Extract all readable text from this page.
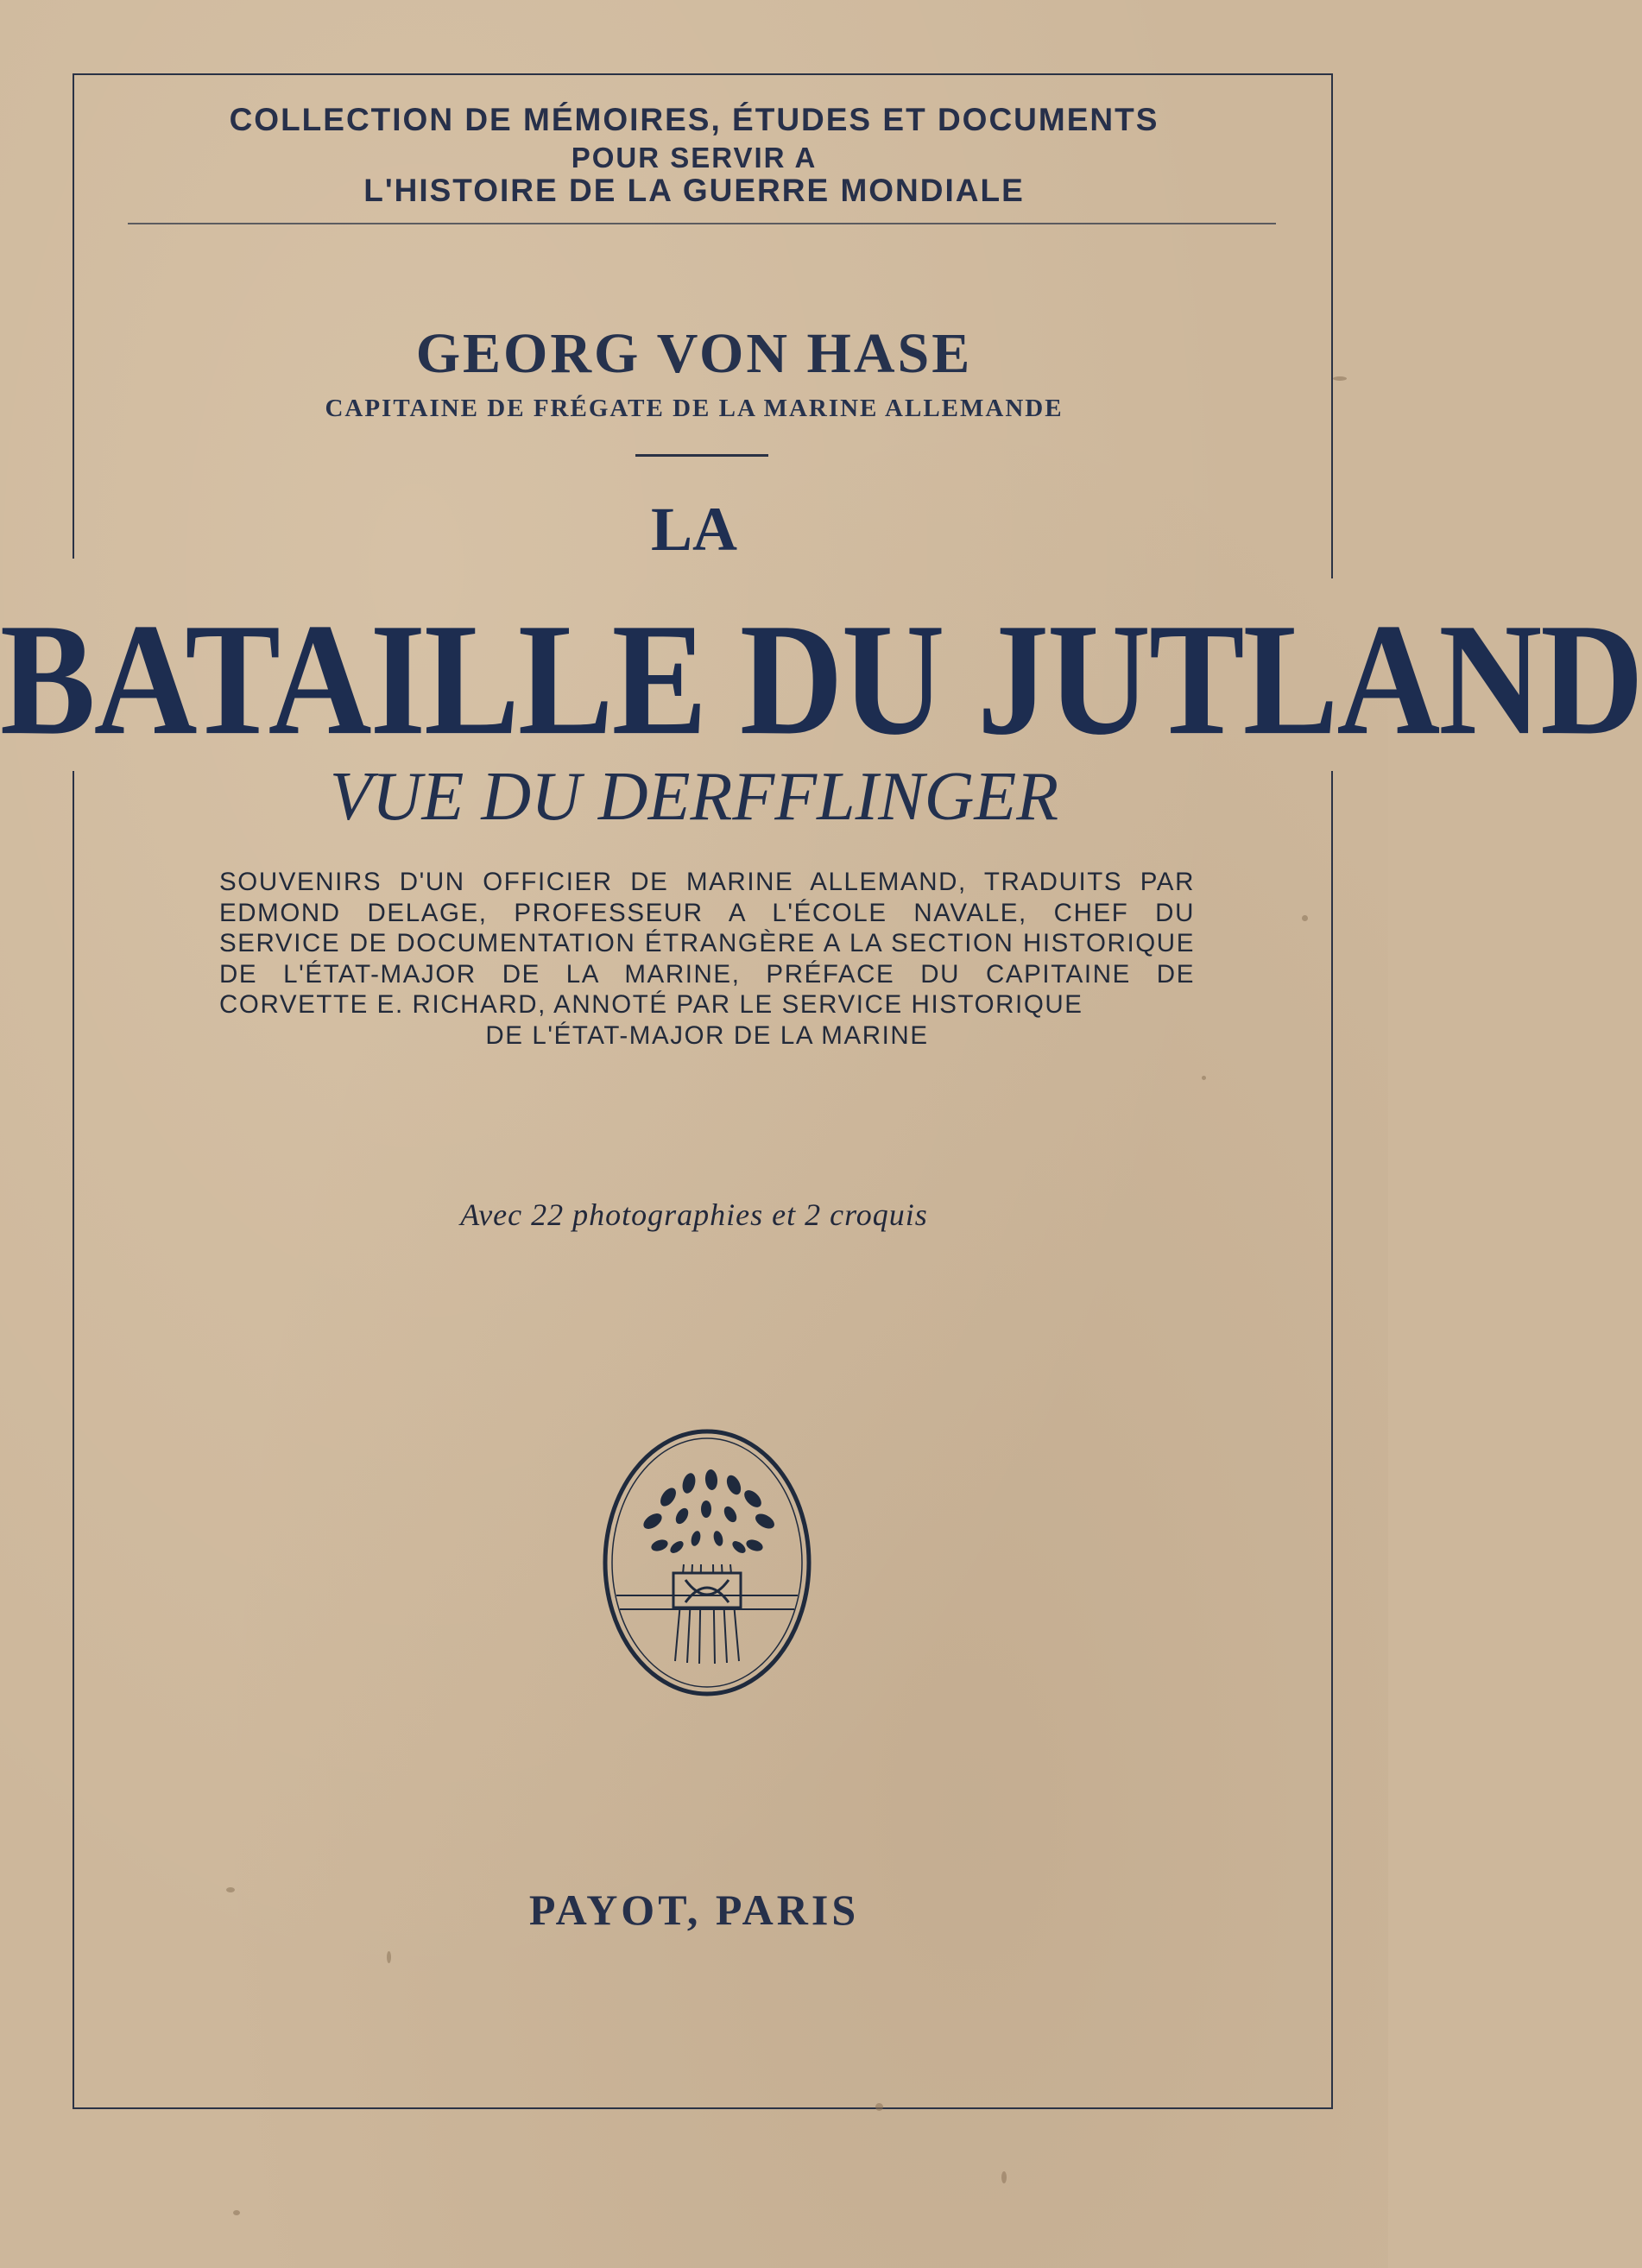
COLLECTION DE MÉMOIRES, ÉTUDES ET DOCUMENTS
POUR SERVIR A
L'HISTOIRE DE LA GUERRE MONDIALE
GEORG VON HASE
CAPITAINE DE FRÉGATE DE LA MARINE ALLEMANDE
LA
BATAILLE DU JUTLAND
VUE DU DERFFLINGER
SOUVENIRS D'UN OFFICIER DE MARINE ALLEMAND, TRADUITS PAR EDMOND DELAGE, PROFESSEUR A L'ÉCOLE NAVALE, CHEF DU SERVICE DE DOCUMENTATION ÉTRANGÈRE A LA SECTION HISTORIQUE DE L'ÉTAT-MAJOR DE LA MARINE, PRÉFACE DU CAPITAINE DE CORVETTE E. RICHARD, ANNOTÉ PAR LE SERVICE HISTORIQUE
DE L'ÉTAT-MAJOR DE LA MARINE
Avec 22 photographies et 2 croquis
PAYOT, PARIS
